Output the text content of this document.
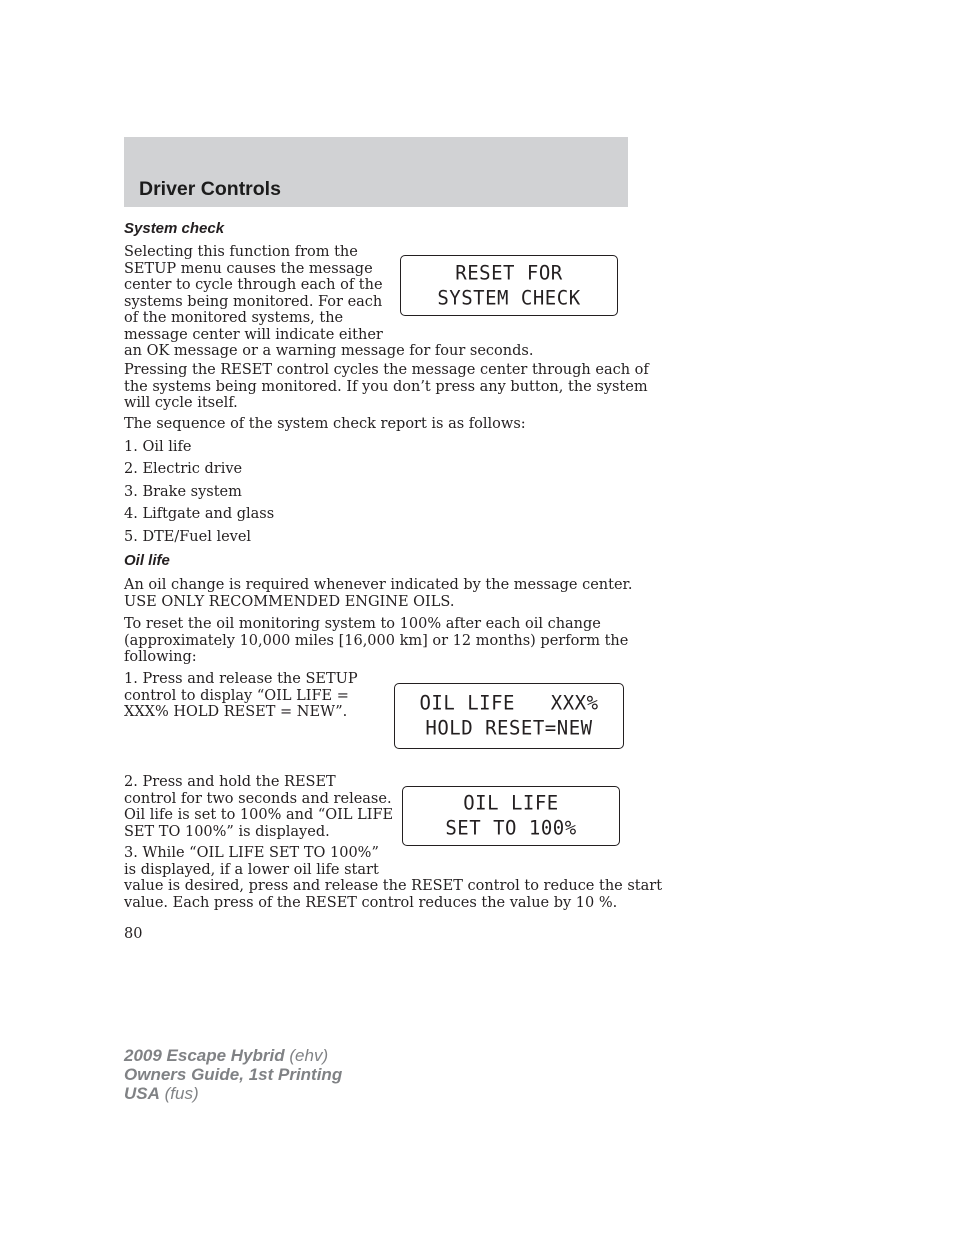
Driver Controls
System check

Selecting this function from the
SETUP menu causes the message
center to cycle through each of the
systems being monitored. For each
of the monitored systems, the
message center will indicate either
an OK message or a warning message for four seconds.

RESET FOR
SYSTEM CHECK

Pressing the RESET control cycles the message center through each of
the systems being monitored. If you don’t press any button, the system
will cycle itself.

The sequence of the system check report is as follows:

1. Oil life

2. Electric drive

3. Brake system

4. Liftgate and glass

5. DTE/Fuel level

Oil life

An oil change is required whenever indicated by the message center.
USE ONLY RECOMMENDED ENGINE OILS.

To reset the oil monitoring system to 100% after each oil change
(approximately 10,000 miles [16,000 km] or 12 months) perform the
following:

1. Press and release the SETUP
control to display “OIL LIFE =
XXX% HOLD RESET = NEW”.	OIL LIFE   XXX%
HOLD RESET=NEW

2. Press and hold the RESET
control for two seconds and release.
Oil life is set to 100% and “OIL LIFE
SET TO 100%” is displayed.

OIL LIFE
SET TO 100%

3. While “OIL LIFE SET TO 100%”
is displayed, if a lower oil life start
value is desired, press and release the RESET control to reduce the start
value. Each press of the RESET control reduces the value by 10 %.

80

2009 Escape Hybrid (ehv)
Owners Guide, 1st Printing
USA (fus)
